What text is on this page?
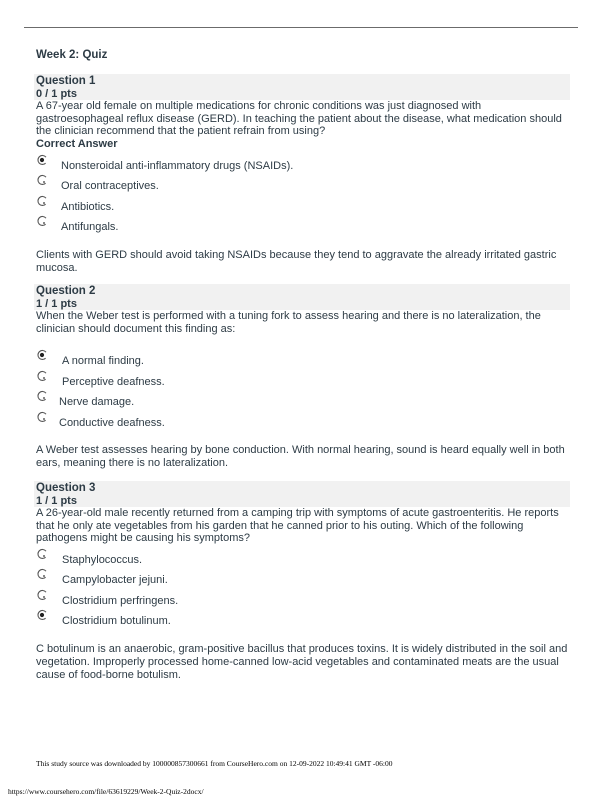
Week 2: Quiz
Question 1
0 / 1 pts
A 67-year old female on multiple medications for chronic conditions was just diagnosed with gastroesophageal reflux disease (GERD). In teaching the patient about the disease, what medication should the clinician recommend that the patient refrain from using?
Correct Answer
Nonsteroidal anti-inflammatory drugs (NSAIDs).
Oral contraceptives.
Antibiotics.
Antifungals.
Clients with GERD should avoid taking NSAIDs because they tend to aggravate the already irritated gastric mucosa.
Question 2
1 / 1 pts
When the Weber test is performed with a tuning fork to assess hearing and there is no lateralization, the clinician should document this finding as:
A normal finding.
Perceptive deafness.
Nerve damage.
Conductive deafness.
A Weber test assesses hearing by bone conduction. With normal hearing, sound is heard equally well in both ears, meaning there is no lateralization.
Question 3
1 / 1 pts
A 26-year-old male recently returned from a camping trip with symptoms of acute gastroenteritis. He reports that he only ate vegetables from his garden that he canned prior to his outing. Which of the following pathogens might be causing his symptoms?
Staphylococcus.
Campylobacter jejuni.
Clostridium perfringens.
Clostridium botulinum.
C botulinum is an anaerobic, gram-positive bacillus that produces toxins. It is widely distributed in the soil and vegetation. Improperly processed home-canned low-acid vegetables and contaminated meats are the usual cause of food-borne botulism.
This study source was downloaded by 100000857300661 from CourseHero.com on 12-09-2022 10:49:41 GMT -06:00
https://www.coursehero.com/file/63619229/Week-2-Quiz-2docx/
